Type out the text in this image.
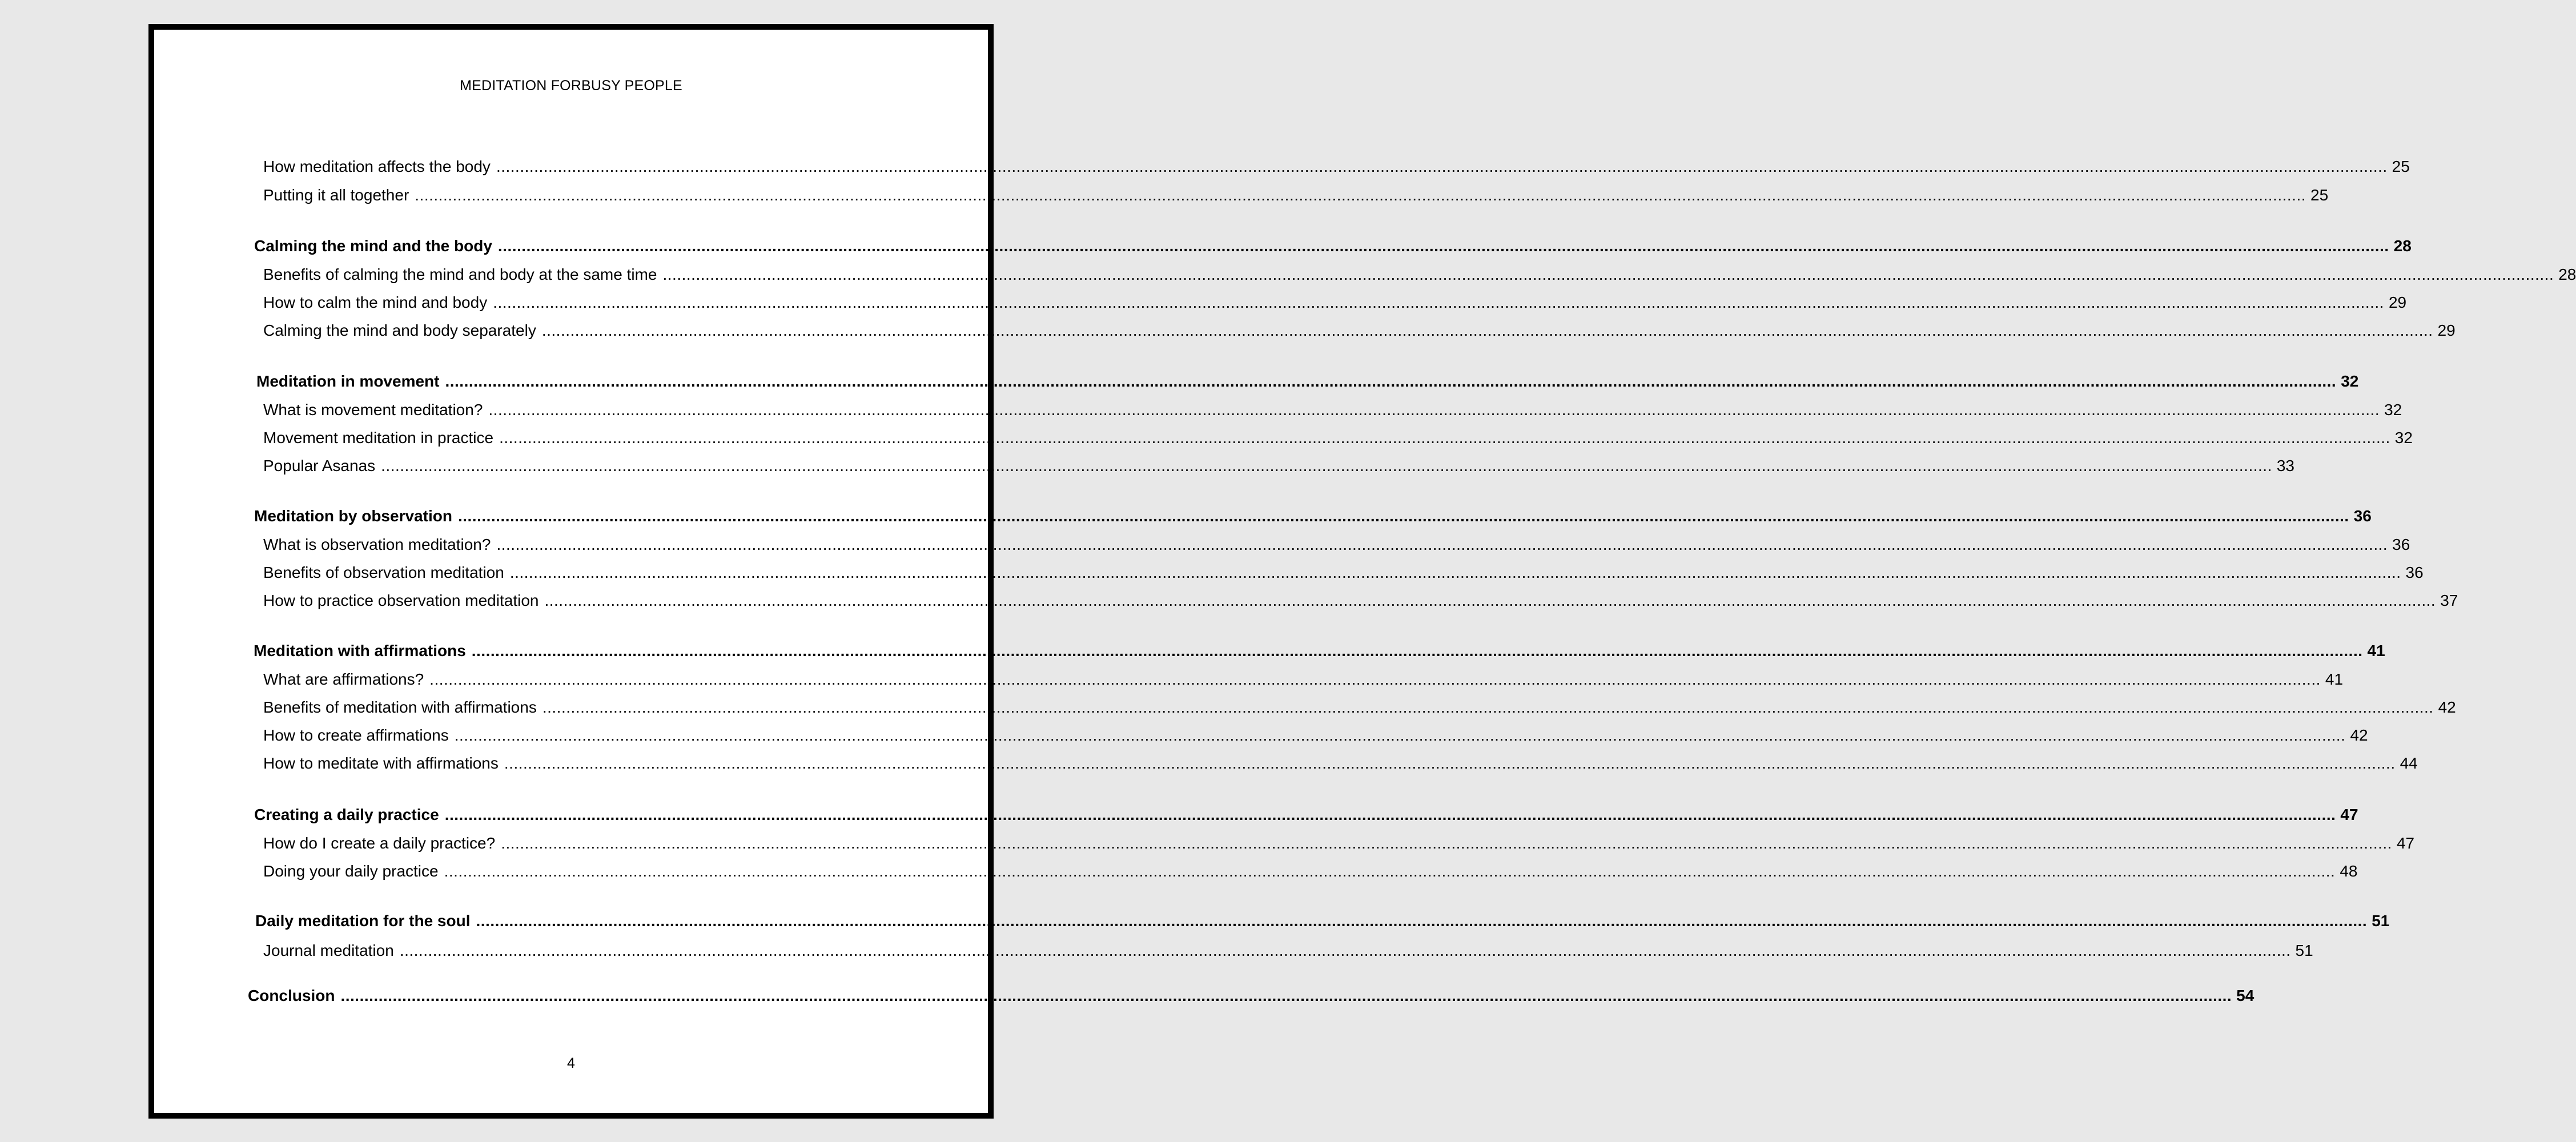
MEDITATION FORBUSY PEOPLE
How meditation affects the body ................................................................................................................................................................................................................................................................................................................................................................................................................ 25
Putting it all together ................................................................................................................................................................................................................................................................................................................................................................................................................ 25
Calming the mind and the body ................................................................................................................................................................................................................................................................................................................................................................................................................ 28
Benefits of calming the mind and body at the same time ................................................................................................................................................................................................................................................................................................................................................................................................................ 28
How to calm the mind and body ................................................................................................................................................................................................................................................................................................................................................................................................................ 29
Calming the mind and body separately ................................................................................................................................................................................................................................................................................................................................................................................................................ 29
Meditation in movement ................................................................................................................................................................................................................................................................................................................................................................................................................ 32
What is movement meditation? ................................................................................................................................................................................................................................................................................................................................................................................................................ 32
Movement meditation in practice ................................................................................................................................................................................................................................................................................................................................................................................................................ 32
Popular Asanas ................................................................................................................................................................................................................................................................................................................................................................................................................ 33
Meditation by observation ................................................................................................................................................................................................................................................................................................................................................................................................................ 36
What is observation meditation? ................................................................................................................................................................................................................................................................................................................................................................................................................ 36
Benefits of observation meditation ................................................................................................................................................................................................................................................................................................................................................................................................................ 36
How to practice observation meditation ................................................................................................................................................................................................................................................................................................................................................................................................................ 37
Meditation with affirmations ................................................................................................................................................................................................................................................................................................................................................................................................................ 41
What are affirmations? ................................................................................................................................................................................................................................................................................................................................................................................................................ 41
Benefits of meditation with affirmations ................................................................................................................................................................................................................................................................................................................................................................................................................ 42
How to create affirmations ................................................................................................................................................................................................................................................................................................................................................................................................................ 42
How to meditate with affirmations ................................................................................................................................................................................................................................................................................................................................................................................................................ 44
Creating a daily practice ................................................................................................................................................................................................................................................................................................................................................................................................................ 47
How do I create a daily practice? ................................................................................................................................................................................................................................................................................................................................................................................................................ 47
Doing your daily practice ................................................................................................................................................................................................................................................................................................................................................................................................................ 48
Daily meditation for the soul ................................................................................................................................................................................................................................................................................................................................................................................................................ 51
Journal meditation ................................................................................................................................................................................................................................................................................................................................................................................................................ 51
Conclusion ................................................................................................................................................................................................................................................................................................................................................................................................................ 54
4
